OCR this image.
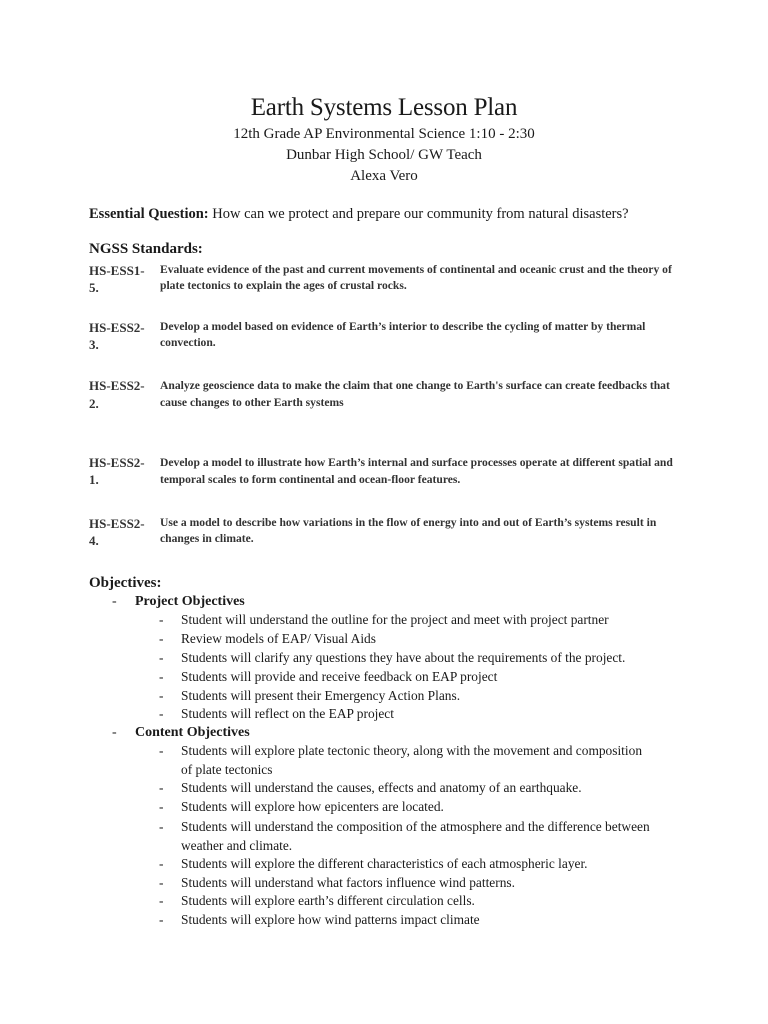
Earth Systems Lesson Plan

12th Grade AP Environmental Science 1:10 - 2:30

Dunbar High School/ GW Teach

Alexa Vero

Essential Question: How can we protect and prepare our community from natural disasters?
NGSS Standards:
HS-ESS1-
5.
Evaluate evidence of the past and current movements of continental and oceanic crust and the theory of plate tectonics to explain the ages of crustal rocks.
HS-ESS2-
3.
Develop a model based on evidence of Earth’s interior to describe the cycling of matter by thermal convection.
HS-ESS2-
2.
Analyze geoscience data to make the claim that one change to Earth's surface can create feedbacks that cause changes to other Earth systems
HS-ESS2-
1.
Develop a model to illustrate how Earth’s internal and surface processes operate at different spatial and temporal scales to form continental and ocean-floor features.
HS-ESS2-
4.
Use a model to describe how variations in the flow of energy into and out of Earth’s systems result in changes in climate.
Objectives:
- Project Objectives
- Student will understand the outline for the project and meet with project partner
- Review models of EAP/ Visual Aids
- Students will clarify any questions they have about the requirements of the project.
- Students will provide and receive feedback on EAP project
- Students will present their Emergency Action Plans.
- Students will reflect on the EAP project
- Content Objectives
- Students will explore plate tectonic theory, along with the movement and composition of plate tectonics
- Students will understand the causes, effects and anatomy of an earthquake.
- Students will explore how epicenters are located.
- Students will understand the composition of the atmosphere and the difference between weather and climate.
- Students will explore the different characteristics of each atmospheric layer.
- Students will understand what factors influence wind patterns.
- Students will explore earth’s different circulation cells.
- Students will explore how wind patterns impact climate
